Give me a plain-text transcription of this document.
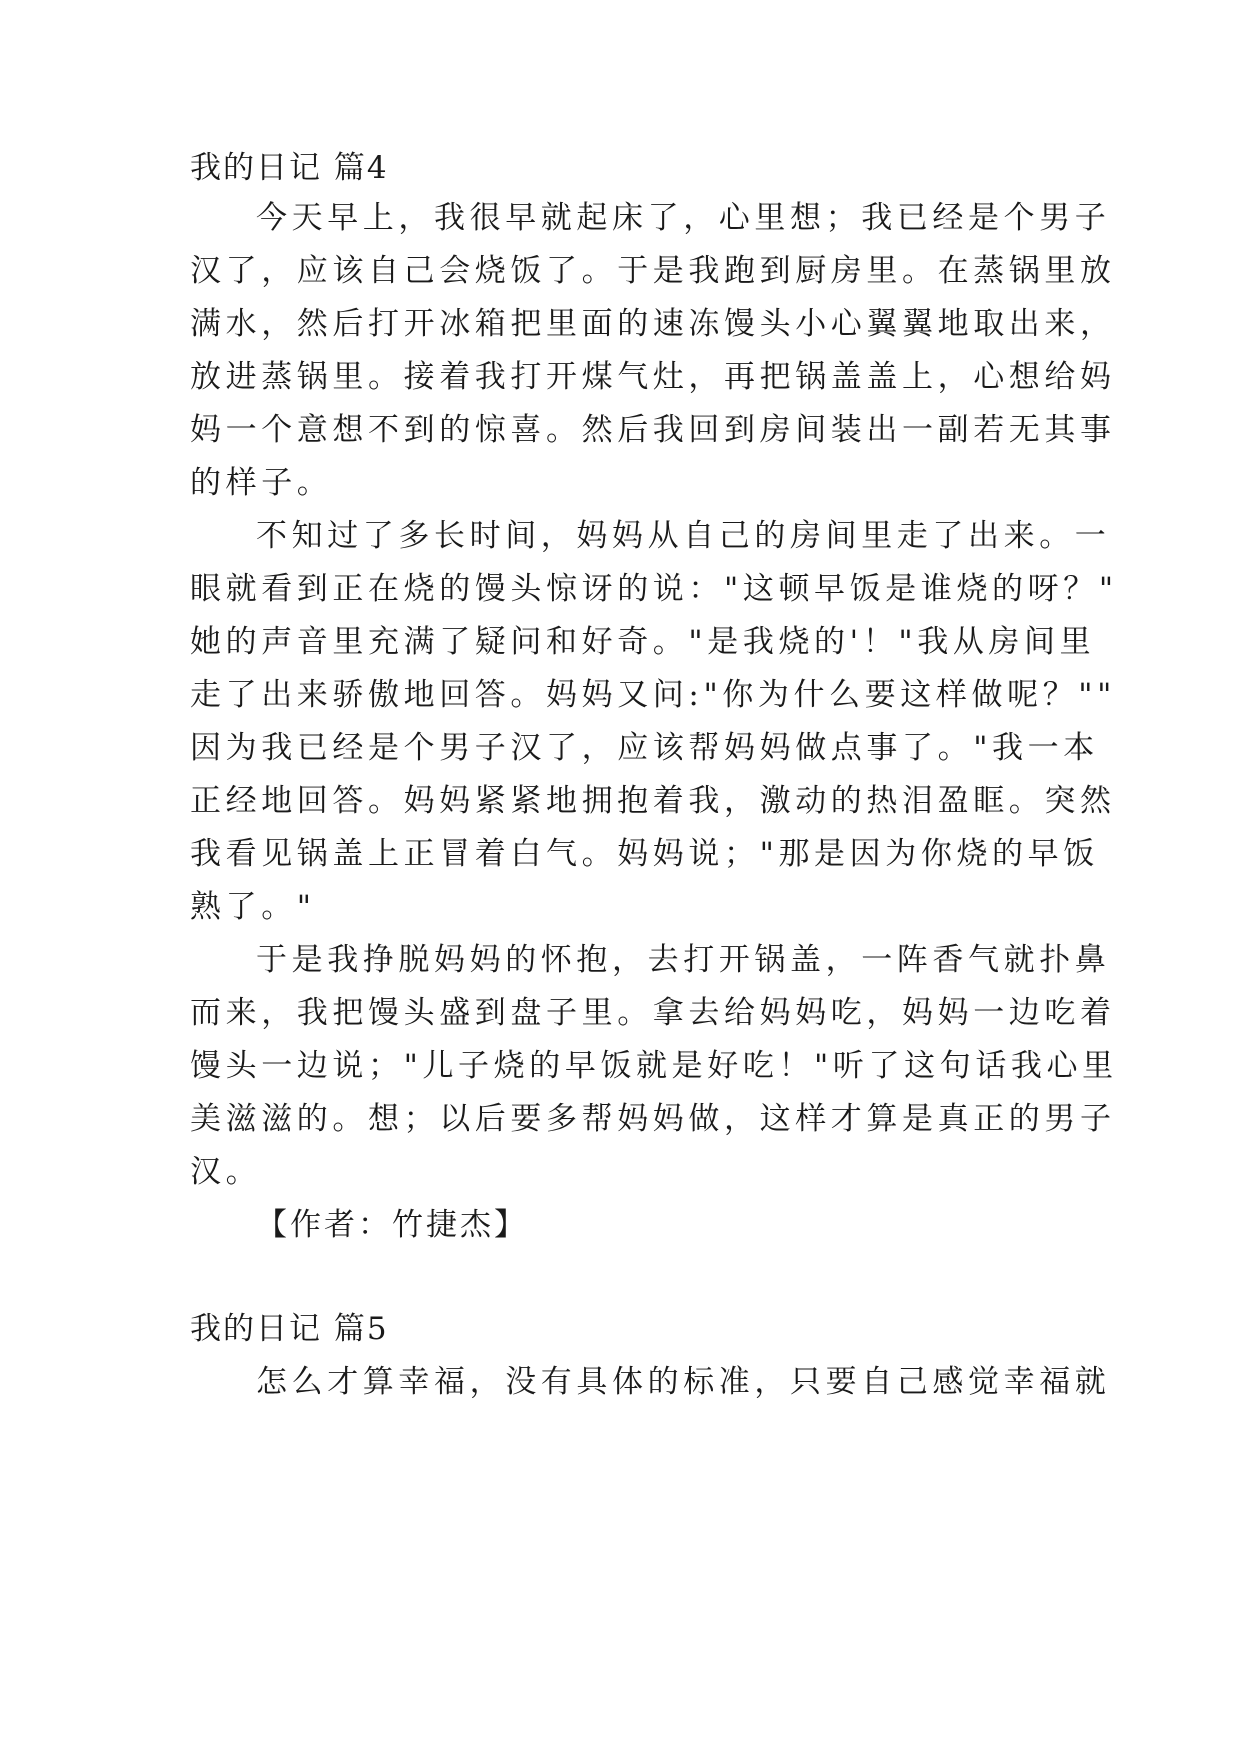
我的日记 篇4
今天早上，我很早就起床了，心里想；我已经是个男子
汉了，应该自己会烧饭了。于是我跑到厨房里。在蒸锅里放
满水，然后打开冰箱把里面的速冻馒头小心翼翼地取出来，
放进蒸锅里。接着我打开煤气灶，再把锅盖盖上，心想给妈
妈一个意想不到的惊喜。然后我回到房间装出一副若无其事
的样子。
不知过了多长时间，妈妈从自己的房间里走了出来。一
眼就看到正在烧的馒头惊讶的说："这顿早饭是谁烧的呀？"
她的声音里充满了疑问和好奇。"是我烧的'！"我从房间里
走了出来骄傲地回答。妈妈又问:"你为什么要这样做呢？""
因为我已经是个男子汉了，应该帮妈妈做点事了。"我一本
正经地回答。妈妈紧紧地拥抱着我，激动的热泪盈眶。突然
我看见锅盖上正冒着白气。妈妈说；"那是因为你烧的早饭
熟了。"
于是我挣脱妈妈的怀抱，去打开锅盖，一阵香气就扑鼻
而来，我把馒头盛到盘子里。拿去给妈妈吃，妈妈一边吃着
馒头一边说；"儿子烧的早饭就是好吃！"听了这句话我心里
美滋滋的。想；以后要多帮妈妈做，这样才算是真正的男子
汉。
【作者：竹捷杰】
我的日记 篇5
怎么才算幸福，没有具体的标准，只要自己感觉幸福就
